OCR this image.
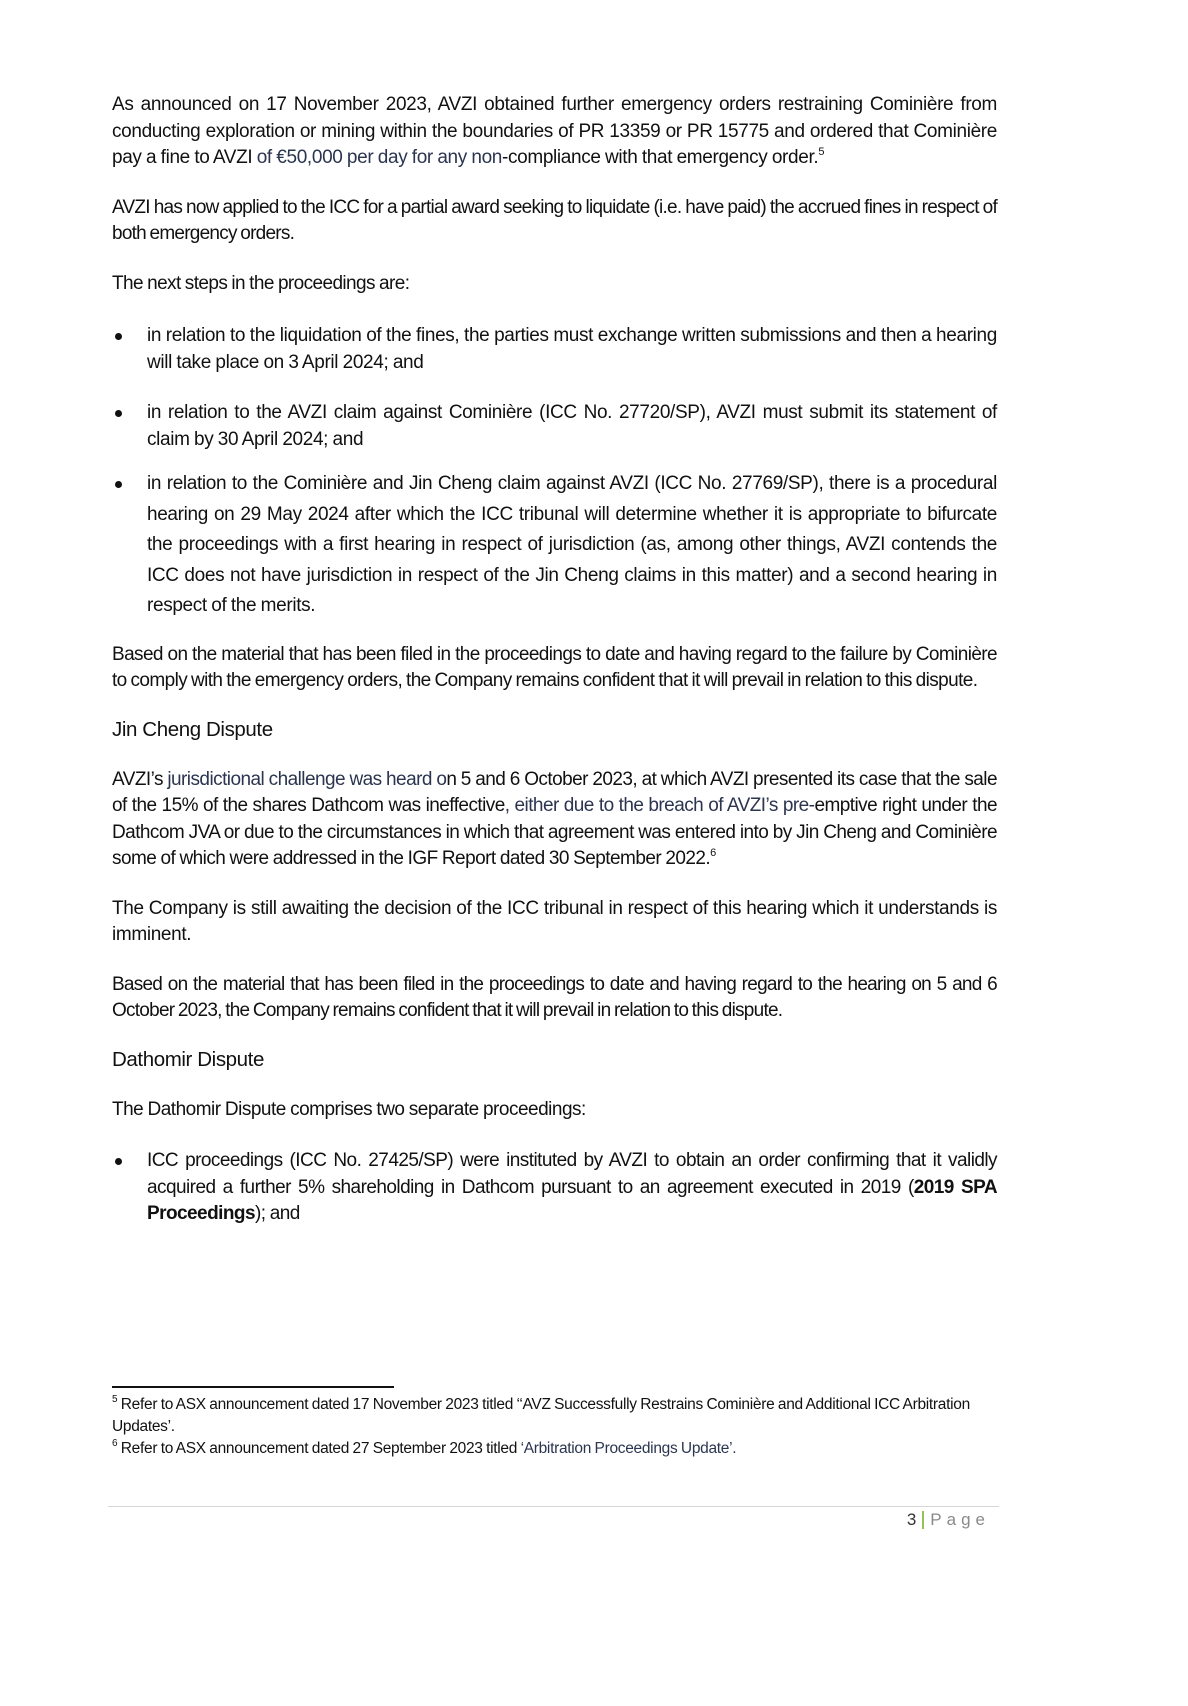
As announced on 17 November 2023, AVZI obtained further emergency orders restraining Cominière from conducting exploration or mining within the boundaries of PR 13359 or PR 15775 and ordered that Cominière pay a fine to AVZI of €50,000 per day for any non-compliance with that emergency order.$^5$

AVZI has now applied to the ICC for a partial award seeking to liquidate (i.e. have paid) the accrued fines in respect of both emergency orders.

The next steps in the proceedings are:

in relation to the liquidation of the fines, the parties must exchange written submissions and then a hearing will take place on 3 April 2024; and
in relation to the AVZI claim against Cominière (ICC No. 27720/SP), AVZI must submit its statement of claim by 30 April 2024; and
in relation to the Cominière and Jin Cheng claim against AVZI (ICC No. 27769/SP), there is a procedural hearing on 29 May 2024 after which the ICC tribunal will determine whether it is appropriate to bifurcate the proceedings with a first hearing in respect of jurisdiction (as, among other things, AVZI contends the ICC does not have jurisdiction in respect of the Jin Cheng claims in this matter) and a second hearing in respect of the merits.

Based on the material that has been filed in the proceedings to date and having regard to the failure by Cominière to comply with the emergency orders, the Company remains confident that it will prevail in relation to this dispute.

Jin Cheng Dispute

AVZI’s jurisdictional challenge was heard on 5 and 6 October 2023, at which AVZI presented its case that the sale of the 15% of the shares Dathcom was ineffective, either due to the breach of AVZI’s pre-emptive right under the Dathcom JVA or due to the circumstances in which that agreement was entered into by Jin Cheng and Cominière some of which were addressed in the IGF Report dated 30 September 2022.$^6$

The Company is still awaiting the decision of the ICC tribunal in respect of this hearing which it understands is imminent.

Based on the material that has been filed in the proceedings to date and having regard to the hearing on 5 and 6 October 2023, the Company remains confident that it will prevail in relation to this dispute.

Dathomir Dispute

The Dathomir Dispute comprises two separate proceedings:

ICC proceedings (ICC No. 27425/SP) were instituted by AVZI to obtain an order confirming that it validly acquired a further 5% shareholding in Dathcom pursuant to an agreement executed in 2019 (2019 SPA Proceedings); and

$^5$ Refer to ASX announcement dated 17 November 2023 titled ‘‘AVZ Successfully Restrains Cominière and Additional ICC Arbitration Updates’.

$^6$ Refer to ASX announcement dated 27 September 2023 titled ‘Arbitration Proceedings Update’.

3 Page
